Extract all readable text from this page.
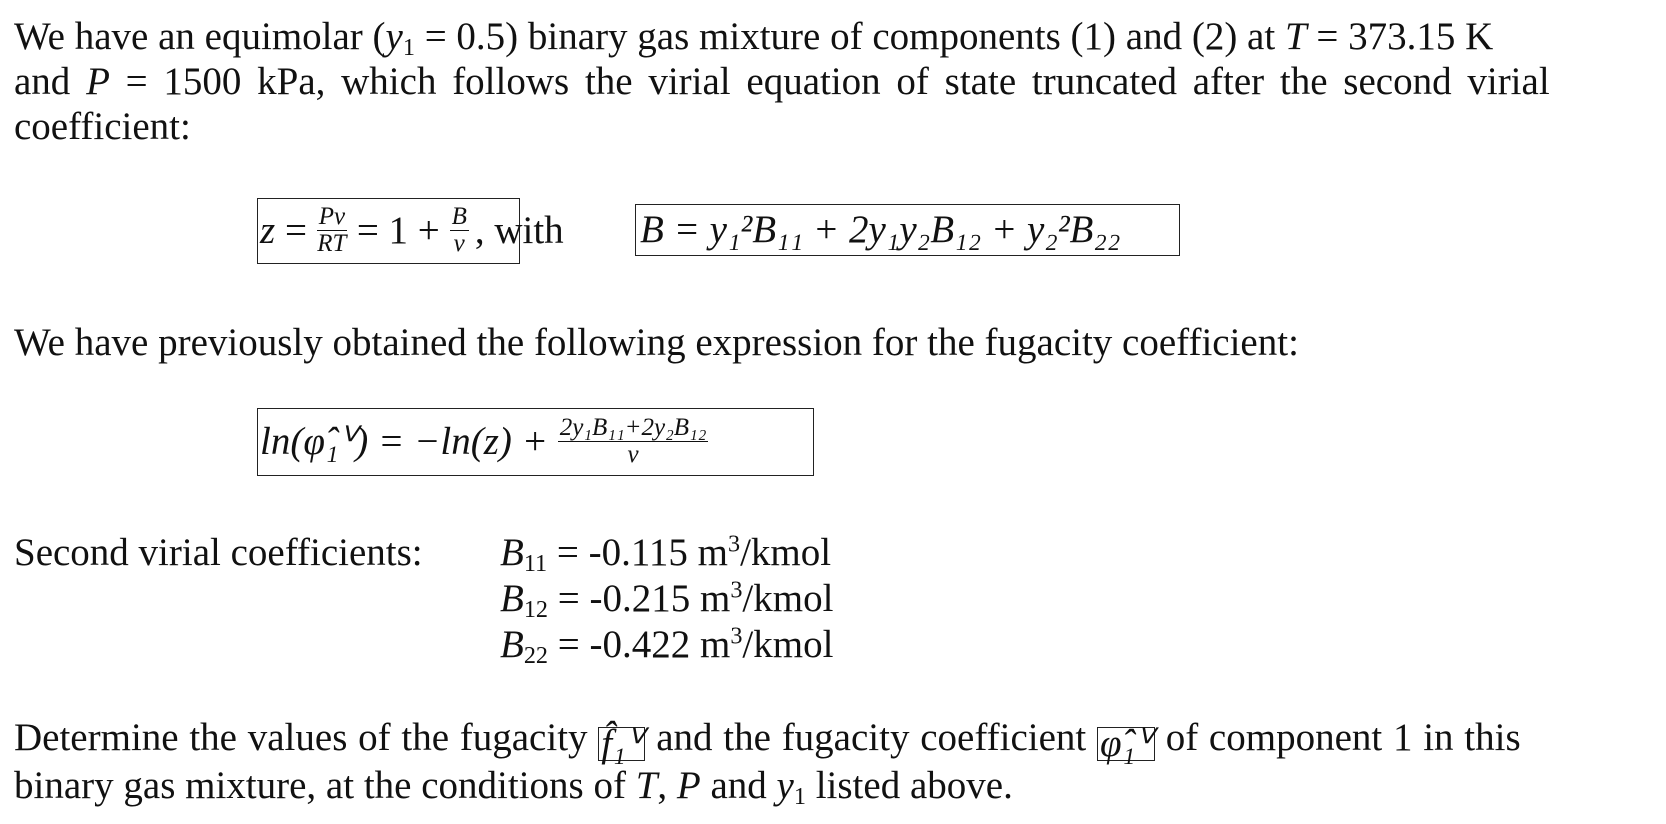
We have an equimolar $(y_1 = 0.5)$ binary gas mixture of components (1) and (2) at T = 373.15 K
and P = 1500 kPa, which follows the virial equation of state truncated after the second virial
coefficient:
$z = \frac{Pv}{RT} = 1 + \frac{B}{v}$ , with B = y₁²B₁₁ + 2y₁y₂B₁₂ + y₂²B₂₂
We have previously obtained the following expression for the fugacity coefficient:
ln(φ̂₁ⱽ) = $-\ln(z) + \frac{\text{2y₁B₁₁+2y₂B₁₂}}{v}$
Second virial coefficients: $B_{11} = -0.115$ $m^3$/kmol
$B_{12} = -0.215$ $m^3$/kmol
$B_{22} = -0.422$ $m^3$/kmol
Determine the values of the fugacity f̂₁ⱽ and the fugacity coefficient φ̂₁ⱽ of component 1 in this
binary gas mixture, at the conditions of T, P and $y_1$ listed above.
